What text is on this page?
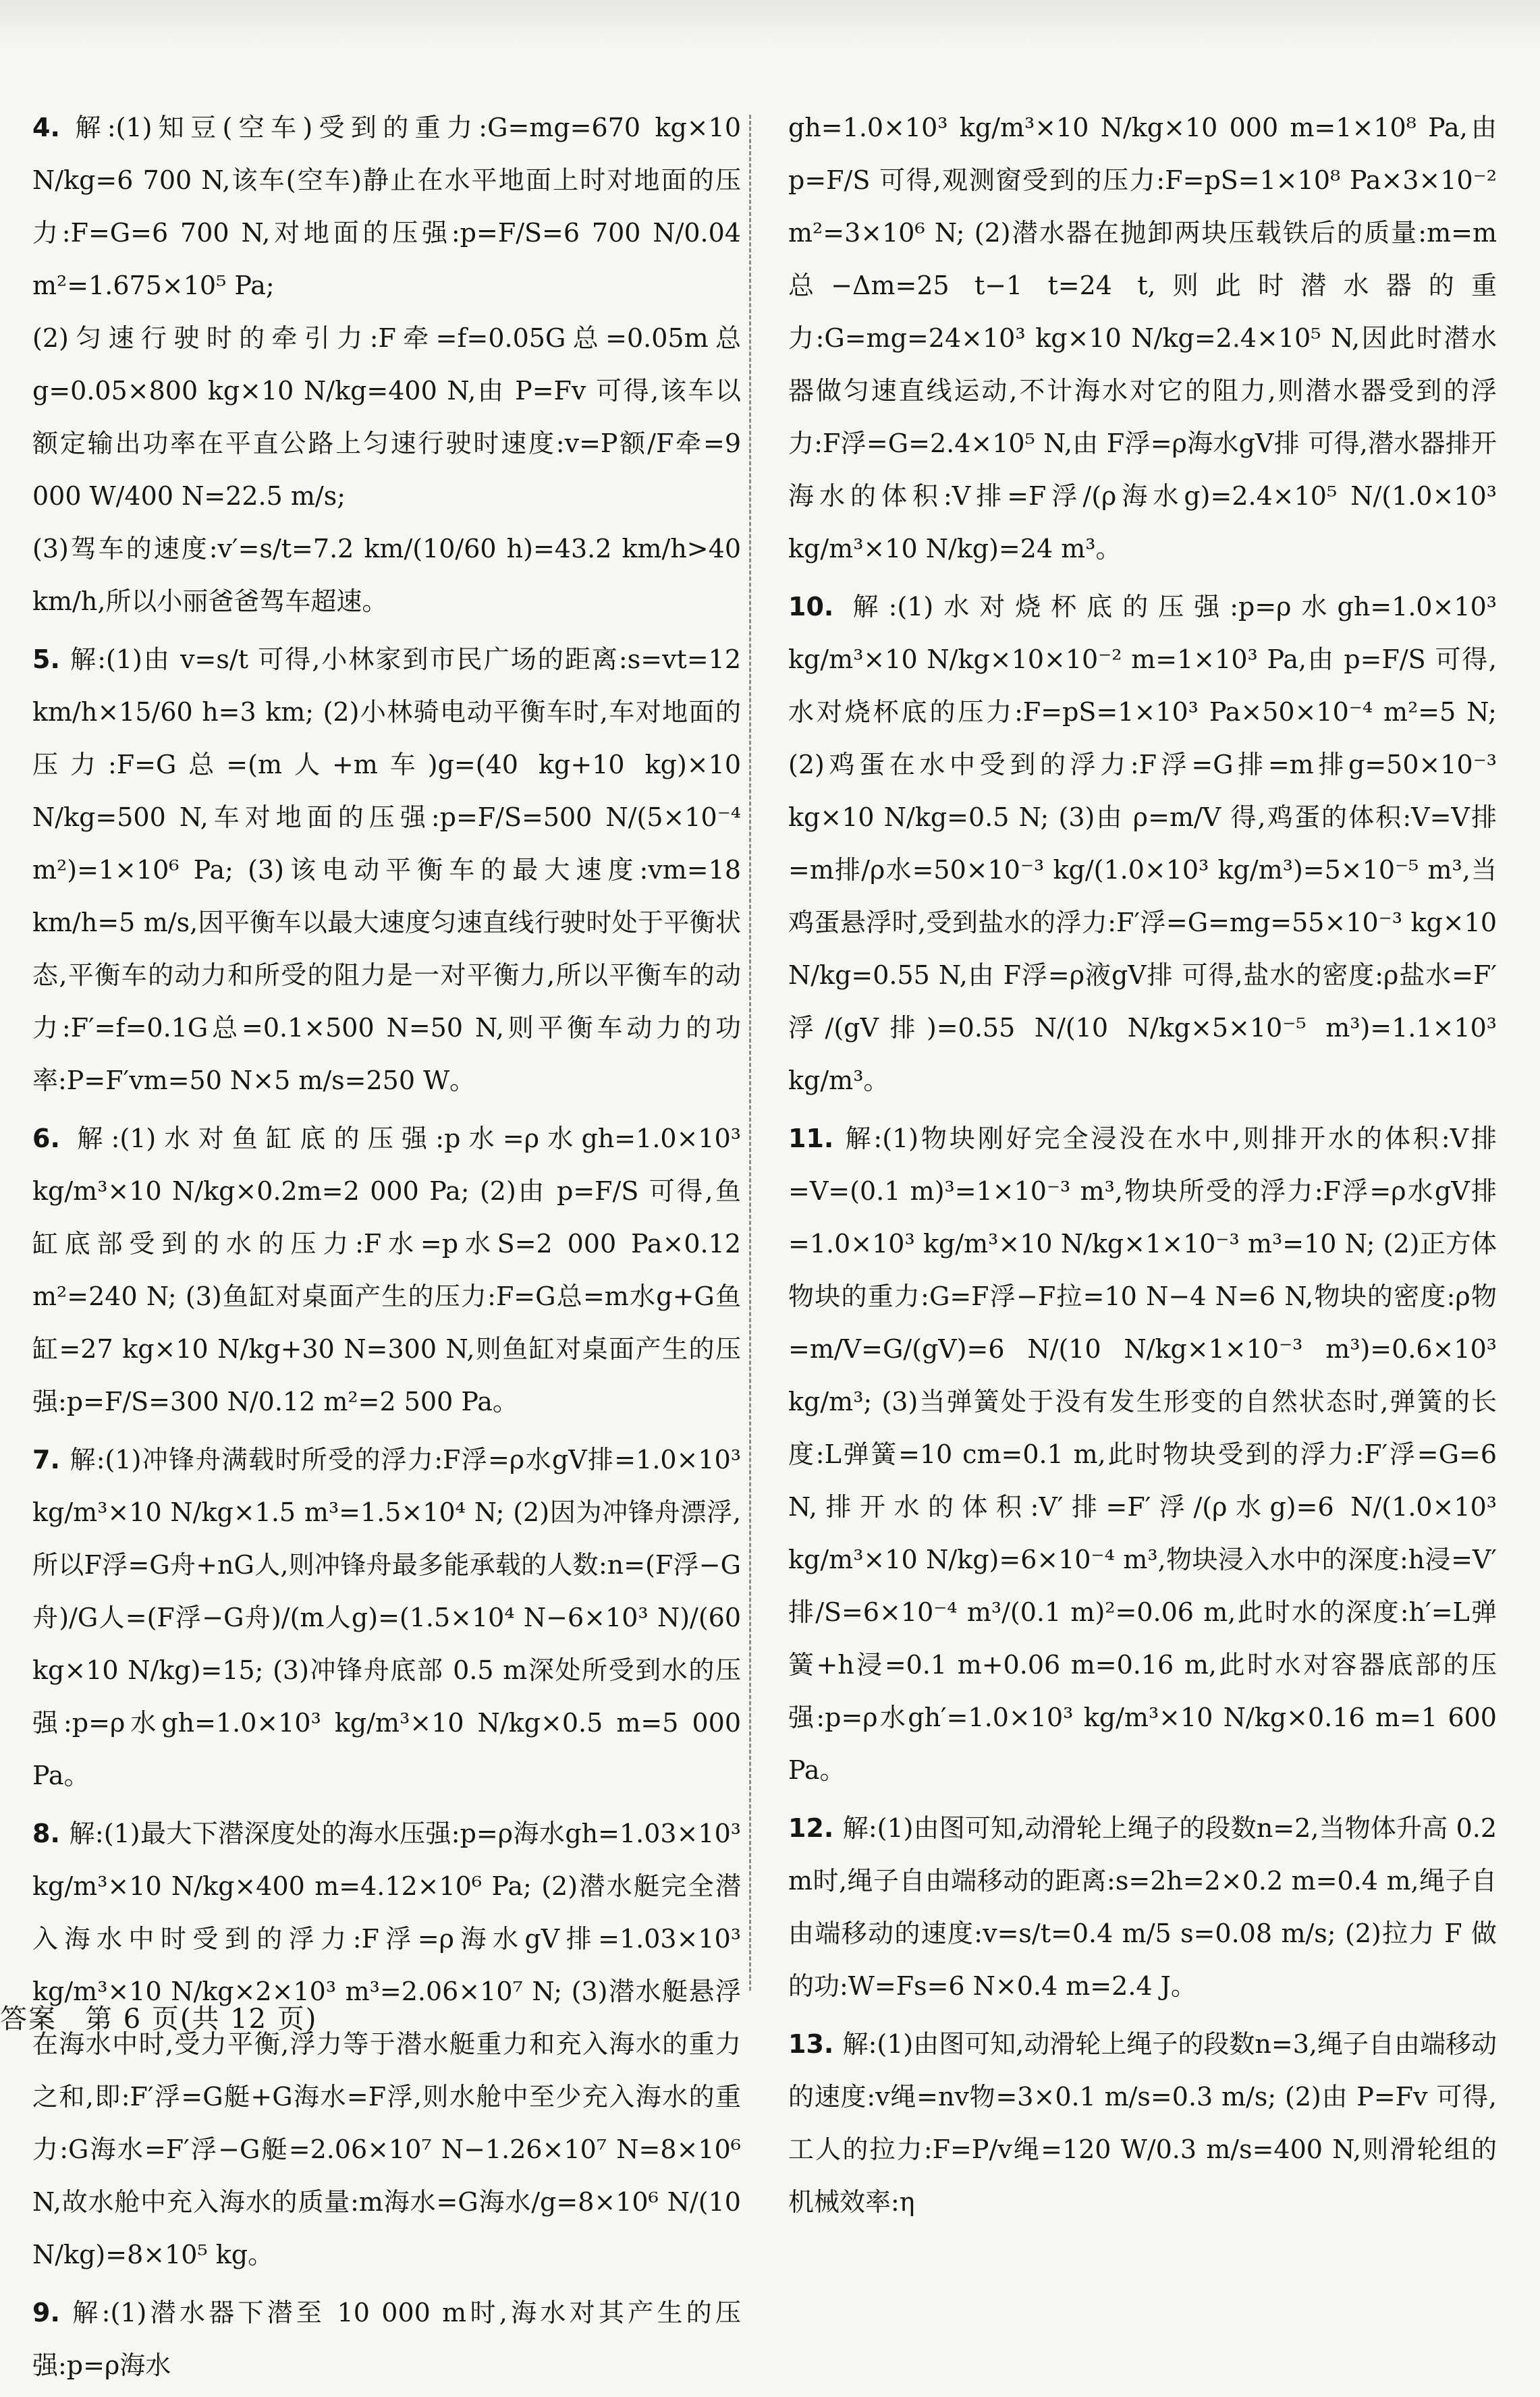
4. 解:(1)知豆(空车)受到的重力:G=mg=670 kg×10 N/kg=6 700 N,该车(空车)静止在水平地面上时对地面的压力:F=G=6 700 N,对地面的压强:p=F/S=6 700 N/0.04 m²=1.675×10⁵ Pa;

(2)匀速行驶时的牵引力:F牵=f=0.05G总=0.05m总g=0.05×800 kg×10 N/kg=400 N,由 P=Fv 可得,该车以额定输出功率在平直公路上匀速行驶时速度:v=P额/F牵=9 000 W/400 N=22.5 m/s;

(3)驾车的速度:v′=s/t=7.2 km/(10/60 h)=43.2 km/h>40 km/h,所以小丽爸爸驾车超速。

5. 解:(1)由 v=s/t 可得,小林家到市民广场的距离:s=vt=12 km/h×15/60 h=3 km; (2)小林骑电动平衡车时,车对地面的压力:F=G总=(m人+m车)g=(40 kg+10 kg)×10 N/kg=500 N,车对地面的压强:p=F/S=500 N/(5×10⁻⁴ m²)=1×10⁶ Pa; (3)该电动平衡车的最大速度:vm=18 km/h=5 m/s,因平衡车以最大速度匀速直线行驶时处于平衡状态,平衡车的动力和所受的阻力是一对平衡力,所以平衡车的动力:F′=f=0.1G总=0.1×500 N=50 N,则平衡车动力的功率:P=F′vm=50 N×5 m/s=250 W。

6. 解:(1)水对鱼缸底的压强:p水=ρ水gh=1.0×10³ kg/m³×10 N/kg×0.2m=2 000 Pa; (2)由 p=F/S 可得,鱼缸底部受到的水的压力:F水=p水S=2 000 Pa×0.12 m²=240 N; (3)鱼缸对桌面产生的压力:F=G总=m水g+G鱼缸=27 kg×10 N/kg+30 N=300 N,则鱼缸对桌面产生的压强:p=F/S=300 N/0.12 m²=2 500 Pa。

7. 解:(1)冲锋舟满载时所受的浮力:F浮=ρ水gV排=1.0×10³ kg/m³×10 N/kg×1.5 m³=1.5×10⁴ N; (2)因为冲锋舟漂浮,所以F浮=G舟+nG人,则冲锋舟最多能承载的人数:n=(F浮−G舟)/G人=(F浮−G舟)/(m人g)=(1.5×10⁴ N−6×10³ N)/(60 kg×10 N/kg)=15; (3)冲锋舟底部 0.5 m深处所受到水的压强:p=ρ水gh=1.0×10³ kg/m³×10 N/kg×0.5 m=5 000 Pa。

8. 解:(1)最大下潜深度处的海水压强:p=ρ海水gh=1.03×10³ kg/m³×10 N/kg×400 m=4.12×10⁶ Pa; (2)潜水艇完全潜入海水中时受到的浮力:F浮=ρ海水gV排=1.03×10³ kg/m³×10 N/kg×2×10³ m³=2.06×10⁷ N; (3)潜水艇悬浮在海水中时,受力平衡,浮力等于潜水艇重力和充入海水的重力之和,即:F′浮=G艇+G海水=F浮,则水舱中至少充入海水的重力:G海水=F′浮−G艇=2.06×10⁷ N−1.26×10⁷ N=8×10⁶ N,故水舱中充入海水的质量:m海水=G海水/g=8×10⁶ N/(10 N/kg)=8×10⁵ kg。

9. 解:(1)潜水器下潜至 10 000 m时,海水对其产生的压强:p=ρ海水

gh=1.0×10³ kg/m³×10 N/kg×10 000 m=1×10⁸ Pa,由 p=F/S 可得,观测窗受到的压力:F=pS=1×10⁸ Pa×3×10⁻² m²=3×10⁶ N; (2)潜水器在抛卸两块压载铁后的质量:m=m总−Δm=25 t−1 t=24 t,则此时潜水器的重力:G=mg=24×10³ kg×10 N/kg=2.4×10⁵ N,因此时潜水器做匀速直线运动,不计海水对它的阻力,则潜水器受到的浮力:F浮=G=2.4×10⁵ N,由 F浮=ρ海水gV排 可得,潜水器排开海水的体积:V排=F浮/(ρ海水g)=2.4×10⁵ N/(1.0×10³ kg/m³×10 N/kg)=24 m³。

10. 解:(1)水对烧杯底的压强:p=ρ水gh=1.0×10³ kg/m³×10 N/kg×10×10⁻² m=1×10³ Pa,由 p=F/S 可得,水对烧杯底的压力:F=pS=1×10³ Pa×50×10⁻⁴ m²=5 N; (2)鸡蛋在水中受到的浮力:F浮=G排=m排g=50×10⁻³ kg×10 N/kg=0.5 N; (3)由 ρ=m/V 得,鸡蛋的体积:V=V排=m排/ρ水=50×10⁻³ kg/(1.0×10³ kg/m³)=5×10⁻⁵ m³,当鸡蛋悬浮时,受到盐水的浮力:F′浮=G=mg=55×10⁻³ kg×10 N/kg=0.55 N,由 F浮=ρ液gV排 可得,盐水的密度:ρ盐水=F′浮/(gV排)=0.55 N/(10 N/kg×5×10⁻⁵ m³)=1.1×10³ kg/m³。

11. 解:(1)物块刚好完全浸没在水中,则排开水的体积:V排=V=(0.1 m)³=1×10⁻³ m³,物块所受的浮力:F浮=ρ水gV排=1.0×10³ kg/m³×10 N/kg×1×10⁻³ m³=10 N; (2)正方体物块的重力:G=F浮−F拉=10 N−4 N=6 N,物块的密度:ρ物=m/V=G/(gV)=6 N/(10 N/kg×1×10⁻³ m³)=0.6×10³ kg/m³; (3)当弹簧处于没有发生形变的自然状态时,弹簧的长度:L弹簧=10 cm=0.1 m,此时物块受到的浮力:F′浮=G=6 N,排开水的体积:V′排=F′浮/(ρ水g)=6 N/(1.0×10³ kg/m³×10 N/kg)=6×10⁻⁴ m³,物块浸入水中的深度:h浸=V′排/S=6×10⁻⁴ m³/(0.1 m)²=0.06 m,此时水的深度:h′=L弹簧+h浸=0.1 m+0.06 m=0.16 m,此时水对容器底部的压强:p=ρ水gh′=1.0×10³ kg/m³×10 N/kg×0.16 m=1 600 Pa。

12. 解:(1)由图可知,动滑轮上绳子的段数n=2,当物体升高 0.2 m时,绳子自由端移动的距离:s=2h=2×0.2 m=0.4 m,绳子自由端移动的速度:v=s/t=0.4 m/5 s=0.08 m/s; (2)拉力 F 做的功:W=Fs=6 N×0.4 m=2.4 J。

13. 解:(1)由图可知,动滑轮上绳子的段数n=3,绳子自由端移动的速度:v绳=nv物=3×0.1 m/s=0.3 m/s; (2)由 P=Fv 可得,工人的拉力:F=P/v绳=120 W/0.3 m/s=400 N,则滑轮组的机械效率:η

答案　第 6 页(共 12 页)
